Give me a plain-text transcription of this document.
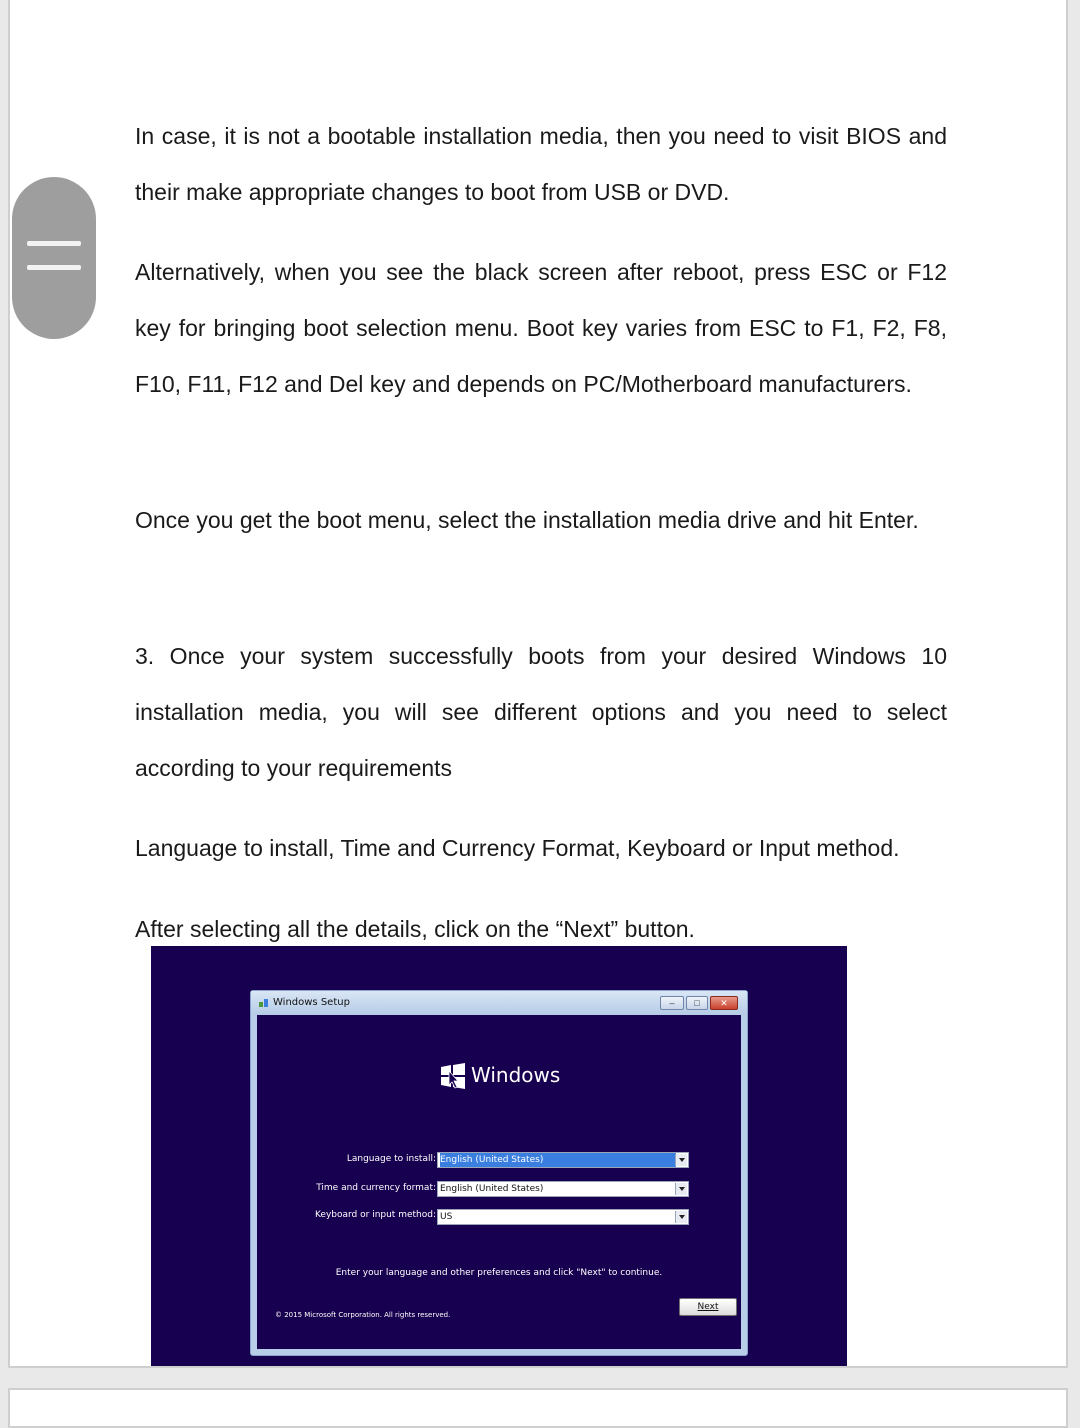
In case, it is not a bootable installation media, then you need to visit BIOS and their make appropriate changes to boot from USB or DVD.

Alternatively, when you see the black screen after reboot, press ESC or F12 key for bringing boot selection menu. Boot key varies from ESC to F1, F2, F8, F10, F11, F12 and Del key and depends on PC/Motherboard manufacturers.

Once you get the boot menu, select the installation media drive and hit Enter.

3. Once your system successfully boots from your desired Windows 10 installation media, you will see different options and you need to select according to your requirements

Language to install, Time and Currency Format, Keyboard or Input method.

After selecting all the details, click on the “Next” button.

Windows Setup	–	□	✕
Windows
Language to install: English (United States)
Time and currency format: English (United States)
Keyboard or input method: US
Enter your language and other preferences and click "Next" to continue.
© 2015 Microsoft Corporation. All rights reserved.
Next
